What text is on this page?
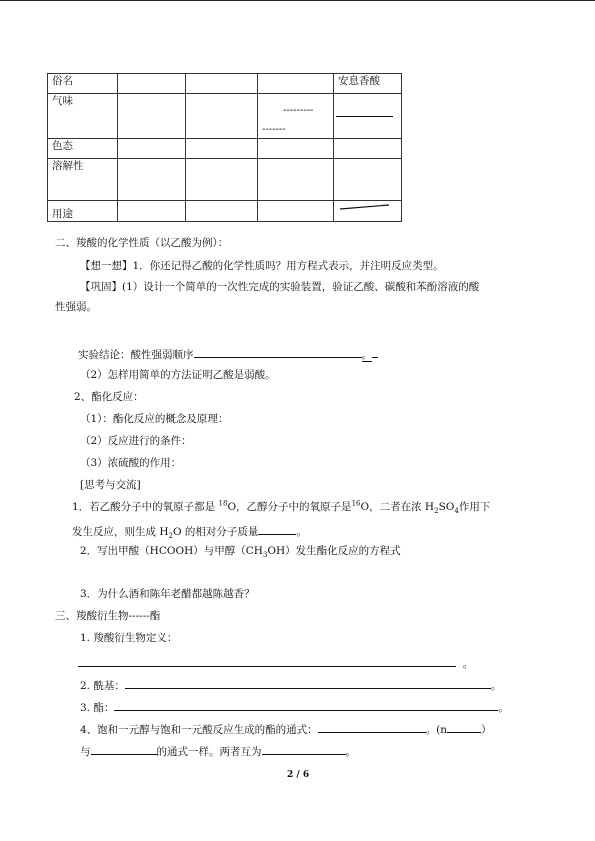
俗名				安息香酸
气味			---------
-------	

色态				
溶解性				
用途				
二、羧酸的化学性质（以乙酸为例）：
【想一想】1．你还记得乙酸的化学性质吗？用方程式表示，并注明反应类型。
【巩固】(1）设计一个简单的一次性完成的实验装置，验证乙酸、碳酸和苯酚溶液的酸
性强弱。
实验结论：酸性强弱顺序	。
（2）怎样用简单的方法证明乙酸是弱酸。
2、酯化反应：
（1）：酯化反应的概念及原理：
（2）反应进行的条件：
（3）浓硫酸的作用：
[思考与交流]
1．若乙酸分子中的氧原子都是 $^{18}$O，乙醇分子中的氧原子是$^{16}$O，二者在浓 $H_2SO_4$作用下
发生反应，则生成 $H_2O$ 的相对分子质量	。
2．写出甲酸（HCOOH）与甲醇$(CH_3OH)$发生酯化反应的方程式
3．为什么酒和陈年老醋都越陈越香？
三、羧酸衍生物------酯
1. 羧酸衍生物定义：
。
2. 酰基：	。
3. 酯：	。
4、饱和一元醇与饱和一元酸反应生成的酯的通式：	。(n	）
与	的通式一样。两者互为	。
2 / 6
